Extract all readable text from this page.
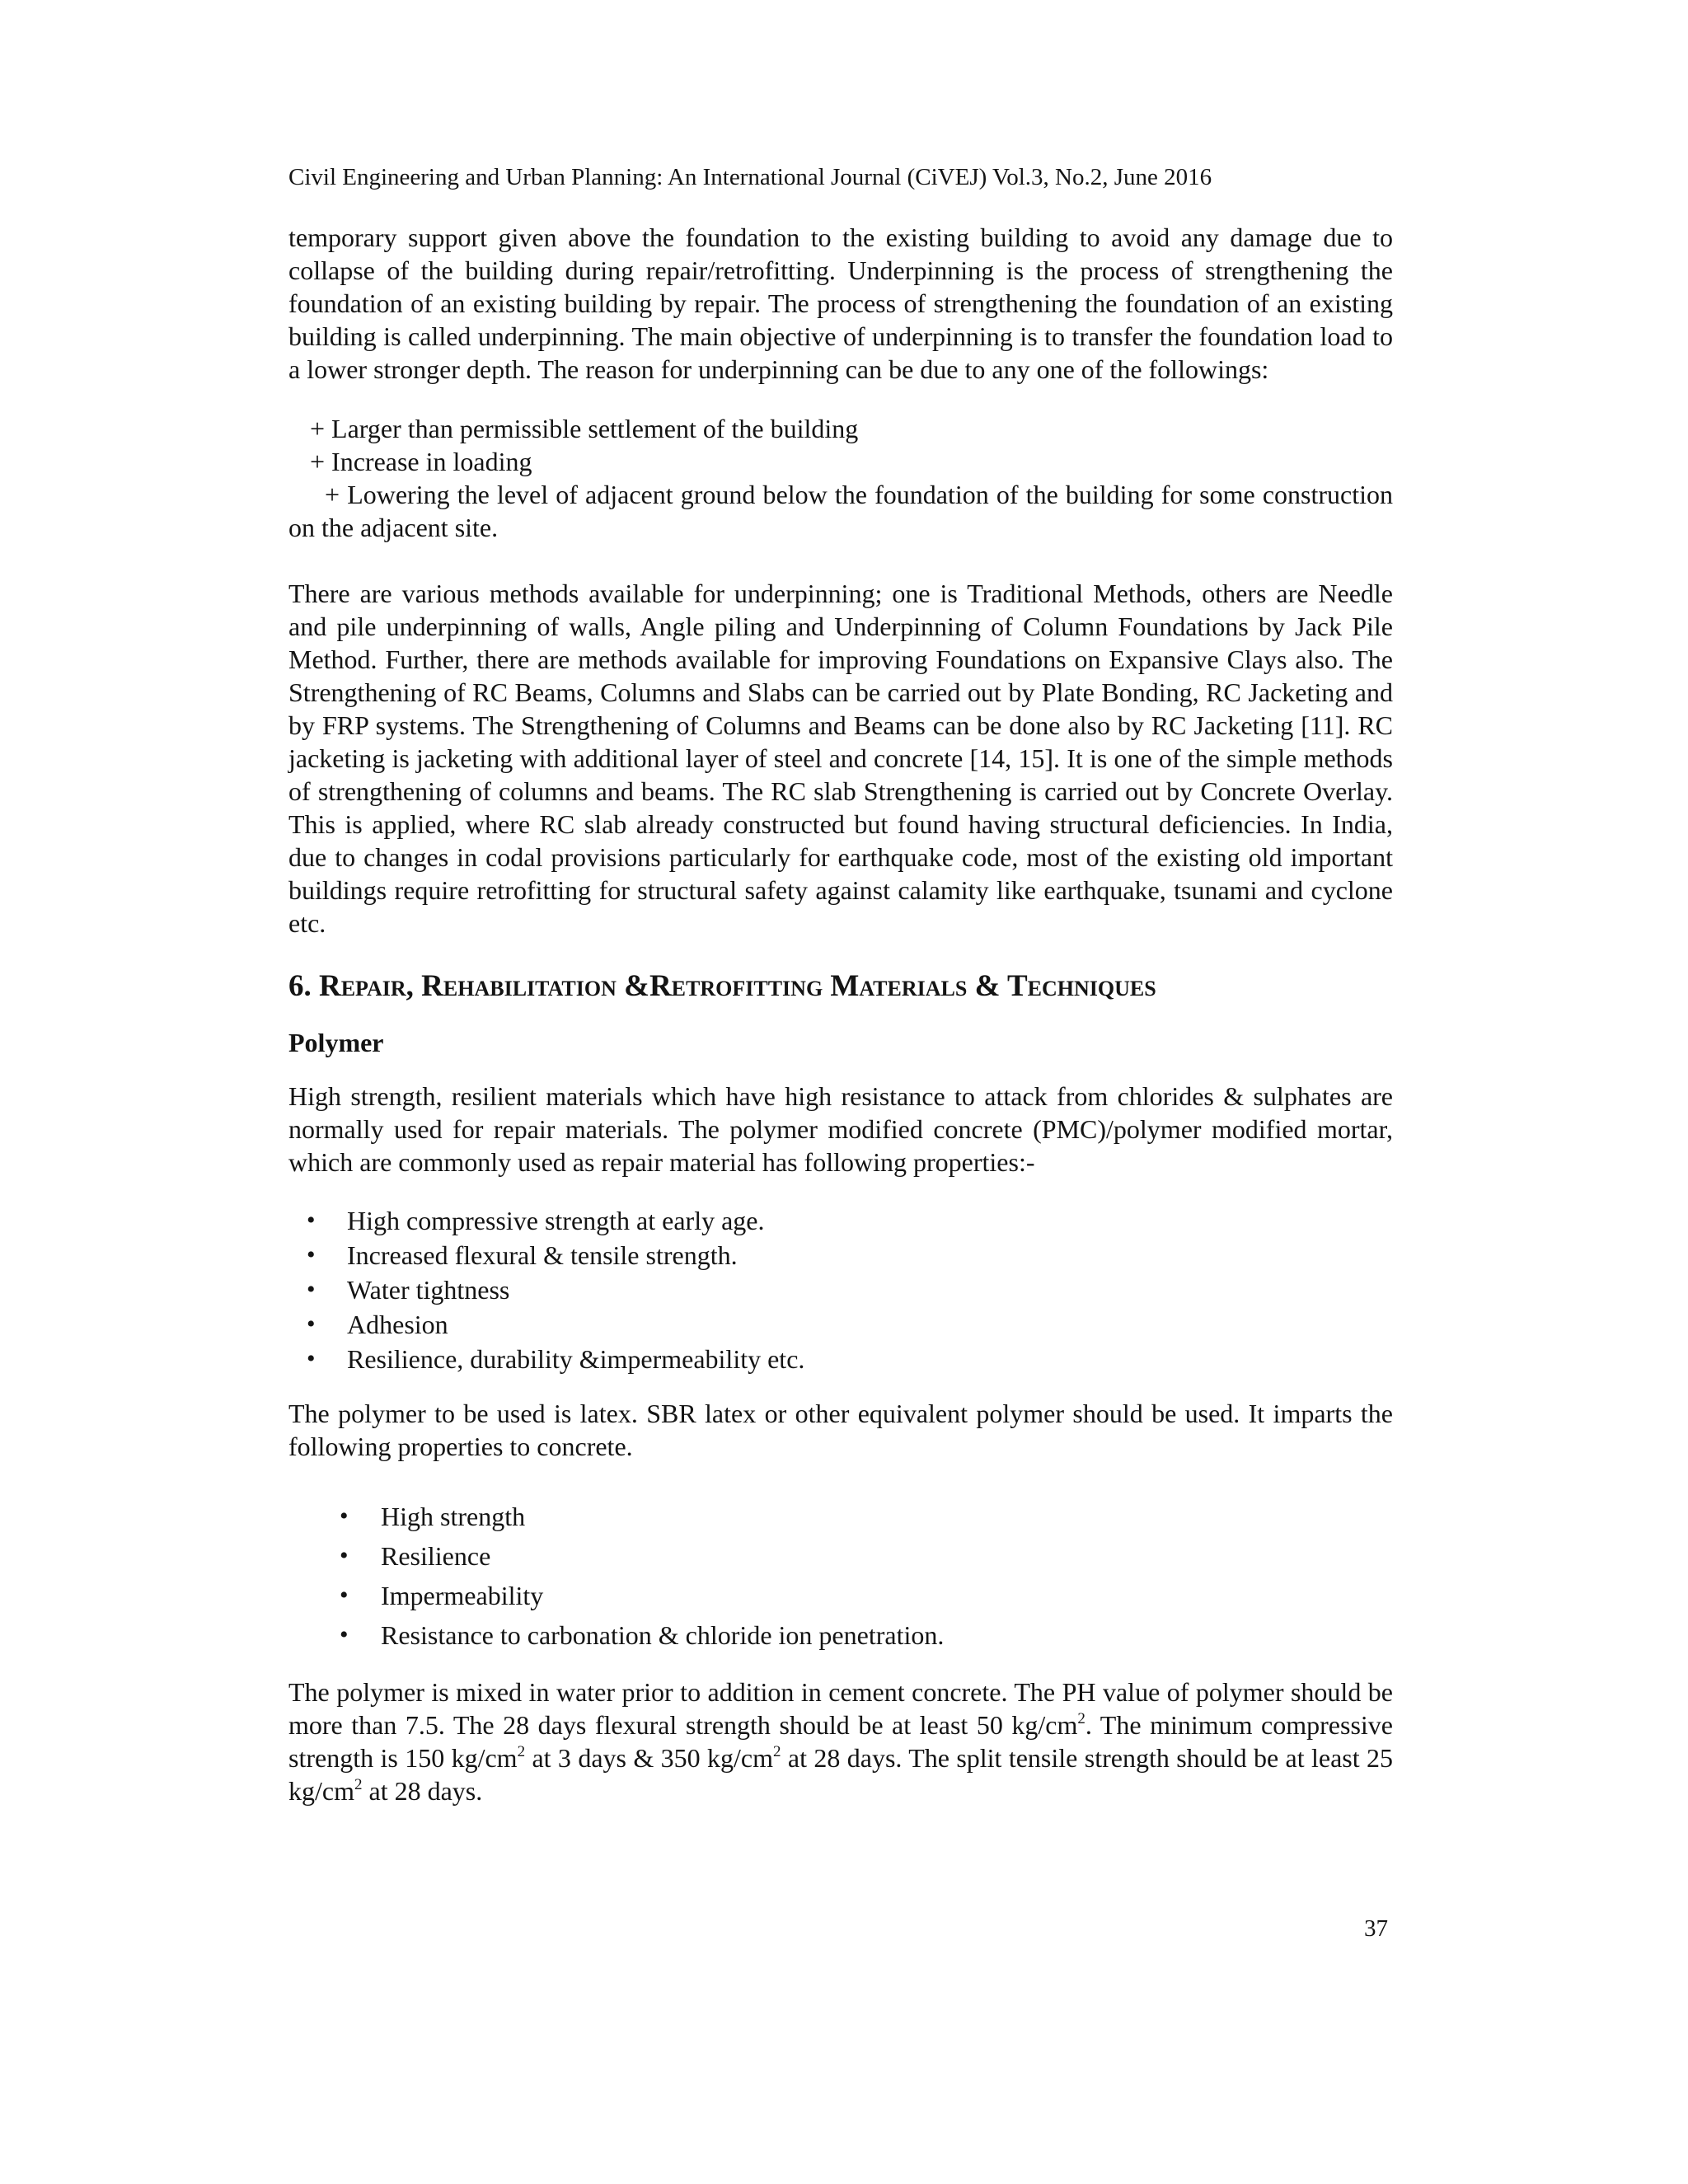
Civil Engineering and Urban Planning: An International Journal (CiVEJ) Vol.3, No.2, June 2016

temporary support given above the foundation to the existing building to avoid any damage due to collapse of the building during repair/retrofitting. Underpinning is the process of strengthening the foundation of an existing building by repair. The process of strengthening the foundation of an existing building is called underpinning. The main objective of underpinning is to transfer the foundation load to a lower stronger depth. The reason for underpinning can be due to any one of the followings:

+ Larger than permissible settlement of the building
+ Increase in loading

+ Lowering the level of adjacent ground below the foundation of the building for some construction on the adjacent site.

There are various methods available for underpinning; one is Traditional Methods, others are Needle and pile underpinning of walls, Angle piling and Underpinning of Column Foundations by Jack Pile Method. Further, there are methods available for improving Foundations on Expansive Clays also. The Strengthening of RC Beams, Columns and Slabs can be carried out by Plate Bonding, RC Jacketing and by FRP systems. The Strengthening of Columns and Beams can be done also by RC Jacketing [11]. RC jacketing is jacketing with additional layer of steel and concrete [14, 15]. It is one of the simple methods of strengthening of columns and beams. The RC slab Strengthening is carried out by Concrete Overlay. This is applied, where RC slab already constructed but found having structural deficiencies. In India, due to changes in codal provisions particularly for earthquake code, most of the existing old important buildings require retrofitting for structural safety against calamity like earthquake, tsunami and cyclone etc.

6. Repair, Rehabilitation &Retrofitting Materials & Techniques
Polymer

High strength, resilient materials which have high resistance to attack from chlorides & sulphates are normally used for repair materials. The polymer modified concrete (PMC)/polymer modified mortar, which are commonly used as repair material has following properties:-

• High compressive strength at early age.
• Increased flexural & tensile strength.
• Water tightness
• Adhesion
• Resilience, durability &impermeability etc.

The polymer to be used is latex. SBR latex or other equivalent polymer should be used. It imparts the following properties to concrete.

• High strength
• Resilience
• Impermeability
• Resistance to carbonation & chloride ion penetration.

The polymer is mixed in water prior to addition in cement concrete. The PH value of polymer should be more than 7.5. The 28 days flexural strength should be at least 50 $kg/cm^2$. The minimum compressive strength is 150 $kg/cm^2$ at 3 days & 350 $kg/cm^2$ at 28 days. The split tensile strength should be at least 25 $kg/cm^2$ at 28 days.

37
